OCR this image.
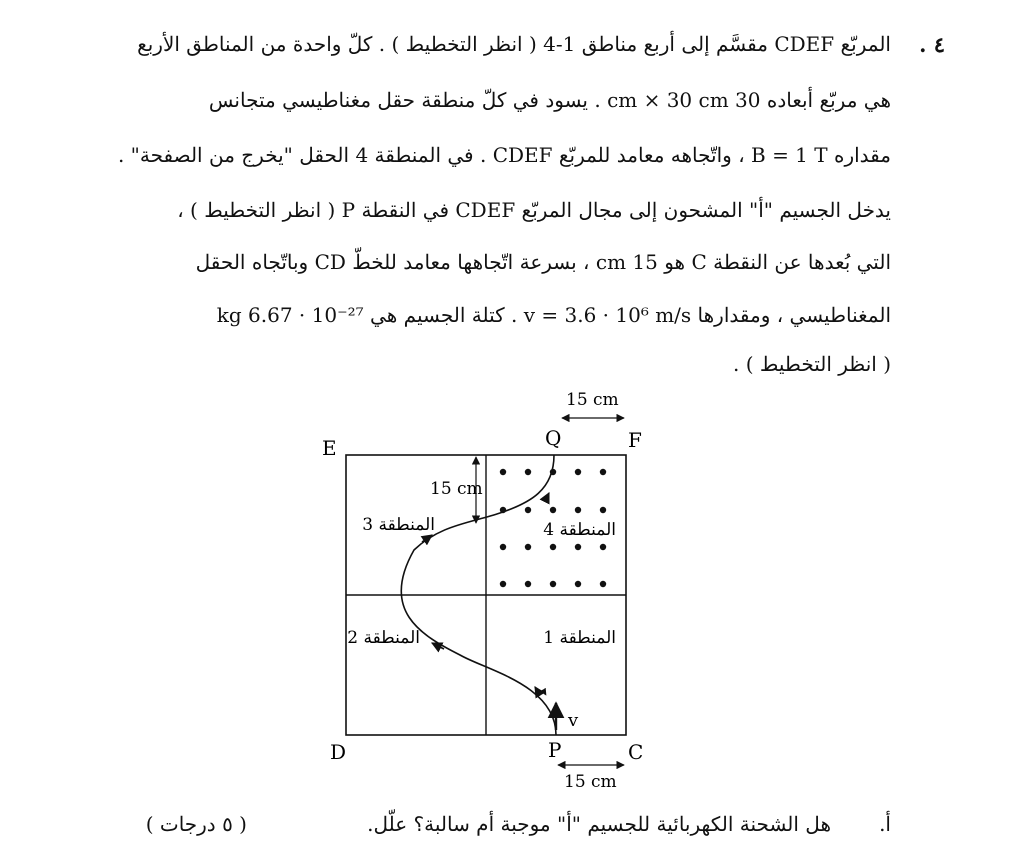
٤ .
المربّع CDEF مقسَّم إلى أربع مناطق 1-4 ( انظر التخطيط ) . كلّ واحدة من المناطق الأربع
هي مربّع أبعاده 30 cm × 30 cm . يسود في كلّ منطقة حقل مغناطيسي متجانس
مقداره B = 1 T ، واتّجاهه معامد للمربّع CDEF . في المنطقة 4 الحقل "يخرج من الصفحة" .
يدخل الجسيم "أ" المشحون إلى مجال المربّع CDEF في النقطة P ( انظر التخطيط ) ،
التي بُعدها عن النقطة C هو 15 cm ، بسرعة اتّجاهها معامد للخطّ CD وباتّجاه الحقل
المغناطيسي ، ومقدارها v = 3.6 · 10⁶ m/s . كتلة الجسيم هي kg 6.67 · 10⁻²⁷
( انظر التخطيط ) .
v
E	F
D	C
Q
P
15 cm
15 cm
15 cm
المنطقة 3	المنطقة 4
المنطقة 2	المنطقة 1
أ.
هل الشحنة الكهربائية للجسيم "أ" موجبة أم سالبة؟ علّل.
( ٥ درجات )
